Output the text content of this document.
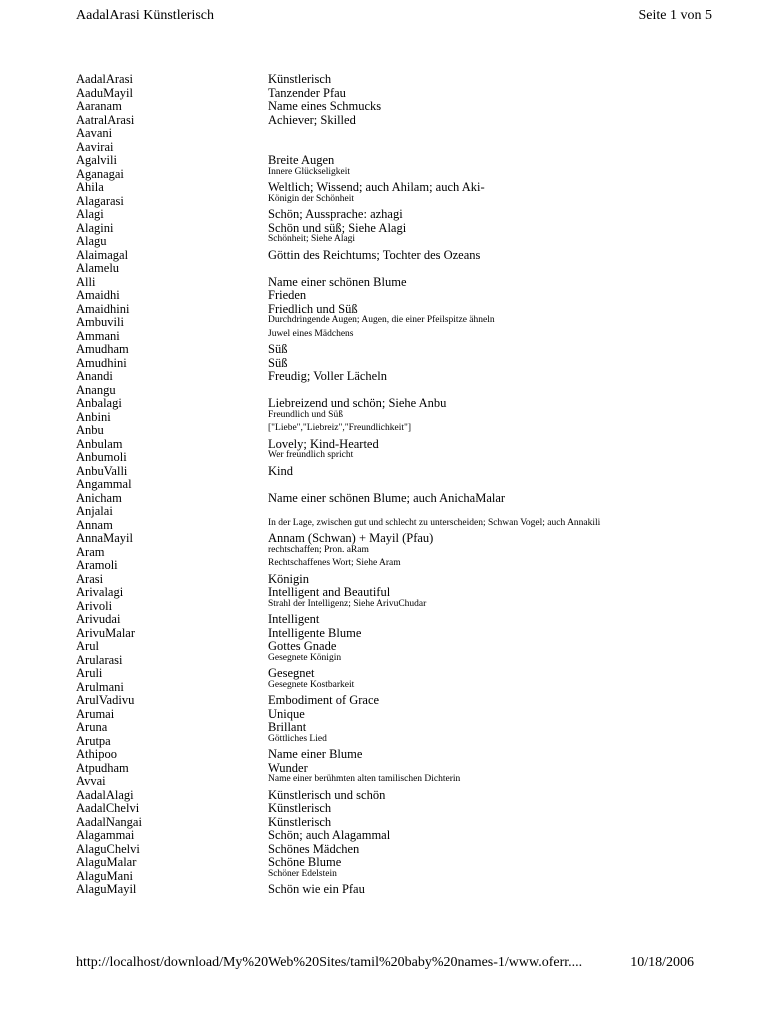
AadalArasi Künstlerisch	Seite 1 von 5
AadalArasi	Künstlerisch
AaduMayil	Tanzender Pfau
Aaranam	Name eines Schmucks
AatralArasi	Achiever; Skilled
Aavani
Aavirai
Agalvili	Breite Augen
Aganagai	Innere Glückseligkeit
Ahila	Weltlich; Wissend; auch Ahilam; auch Aki-
Alagarasi	Königin der Schönheit
Alagi	Schön; Aussprache: azhagi
Alagini	Schön und süß; Siehe Alagi
Alagu	Schönheit; Siehe Alagi
Alaimagal	Göttin des Reichtums; Tochter des Ozeans
Alamelu
Alli	Name einer schönen Blume
Amaidhi	Frieden
Amaidhini	Friedlich und Süß
Ambuvili	Durchdringende Augen; Augen, die einer Pfeilspitze ähneln
Ammani	Juwel eines Mädchens
Amudham	Süß
Amudhini	Süß
Anandi	Freudig; Voller Lächeln
Anangu
Anbalagi	Liebreizend und schön; Siehe Anbu
Anbini	Freundlich und Süß
Anbu	["Liebe","Liebreiz","Freundlichkeit"]
Anbulam	Lovely; Kind-Hearted
Anbumoli	Wer freundlich spricht
AnbuValli	Kind
Angammal
Anicham	Name einer schönen Blume; auch AnichaMalar
Anjalai
Annam	In der Lage, zwischen gut und schlecht zu unterscheiden; Schwan Vogel; auch Annakili
AnnaMayil	Annam (Schwan) + Mayil (Pfau)
Aram	rechtschaffen; Pron. aRam
Aramoli	Rechtschaffenes Wort; Siehe Aram
Arasi	Königin
Arivalagi	Intelligent and Beautiful
Arivoli	Strahl der Intelligenz; Siehe ArivuChudar
Arivudai	Intelligent
ArivuMalar	Intelligente Blume
Arul	Gottes Gnade
Arularasi	Gesegnete Königin
Aruli	Gesegnet
Arulmani	Gesegnete Kostbarkeit
ArulVadivu	Embodiment of Grace
Arumai	Unique
Aruna	Brillant
Arutpa	Göttliches Lied
Athipoo	Name einer Blume
Atpudham	Wunder
Avvai	Name einer berühmten alten tamilischen Dichterin
AadalAlagi	Künstlerisch und schön
AadalChelvi	Künstlerisch
AadalNangai	Künstlerisch
Alagammai	Schön; auch Alagammal
AlaguChelvi	Schönes Mädchen
AlaguMalar	Schöne Blume
AlaguMani	Schöner Edelstein
AlaguMayil	Schön wie ein Pfau
http://localhost/download/My%20Web%20Sites/tamil%20baby%20names-1/www.oferr....	10/18/2006
